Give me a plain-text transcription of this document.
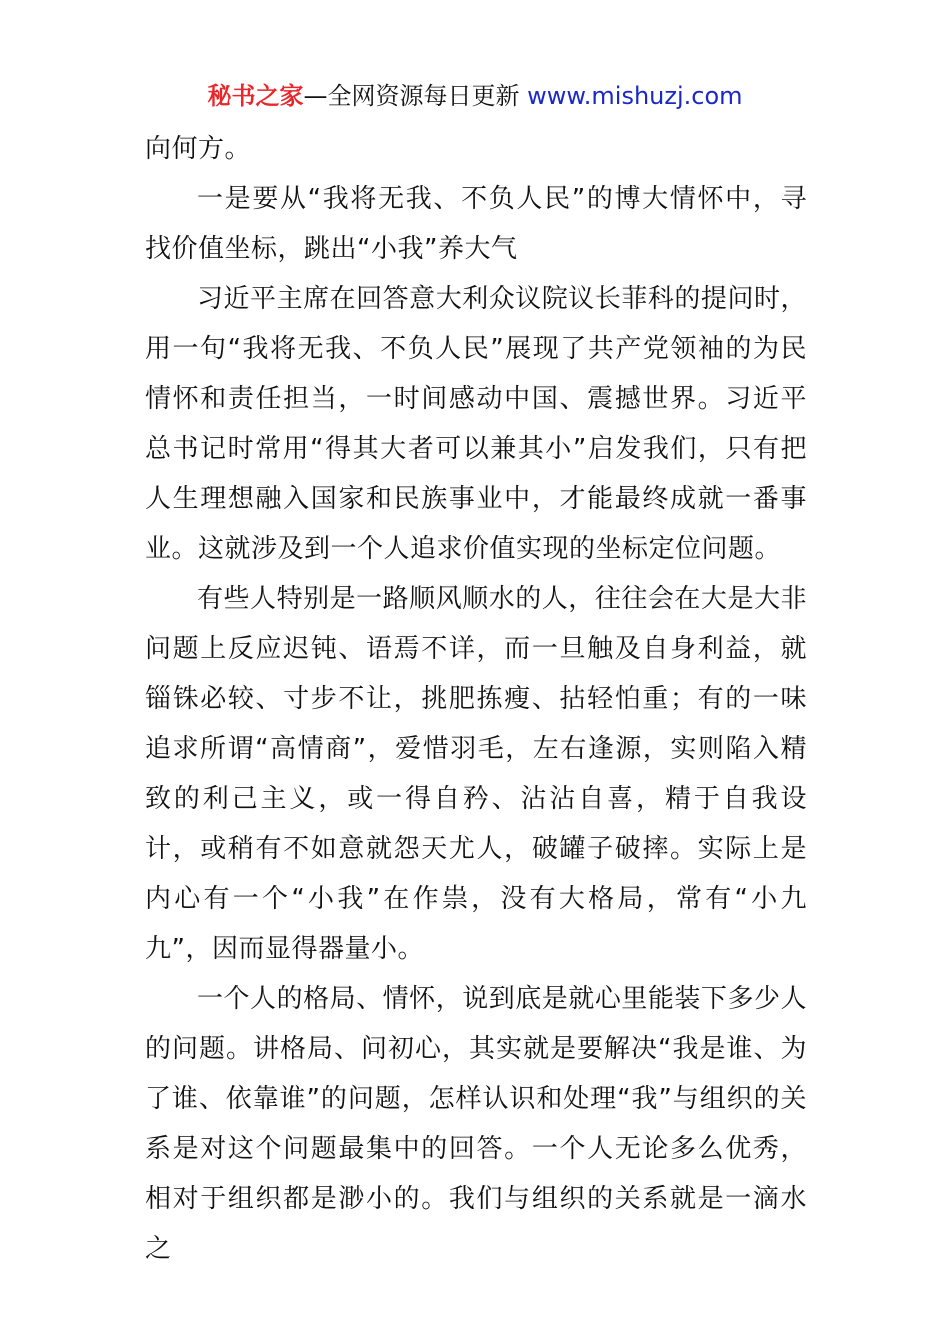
秘书之家—全网资源每日更新 www.mishuzj.com

向何方。

一是要从“我将无我、不负人民”的博大情怀中，寻找价值坐标，跳出“小我”养大气

习近平主席在回答意大利众议院议长菲科的提问时，用一句“我将无我、不负人民”展现了共产党领袖的为民情怀和责任担当，一时间感动中国、震撼世界。习近平总书记时常用“得其大者可以兼其小”启发我们，只有把人生理想融入国家和民族事业中，才能最终成就一番事业。这就涉及到一个人追求价值实现的坐标定位问题。

有些人特别是一路顺风顺水的人，往往会在大是大非问题上反应迟钝、语焉不详，而一旦触及自身利益，就锱铢必较、寸步不让，挑肥拣瘦、拈轻怕重；有的一味追求所谓“高情商”，爱惜羽毛，左右逢源，实则陷入精致的利己主义，或一得自矜、沾沾自喜，精于自我设计，或稍有不如意就怨天尤人，破罐子破摔。实际上是内心有一个“小我”在作祟，没有大格局，常有“小九九”，因而显得器量小。

一个人的格局、情怀，说到底是就心里能装下多少人的问题。讲格局、问初心，其实就是要解决“我是谁、为了谁、依靠谁”的问题，怎样认识和处理“我”与组织的关系是对这个问题最集中的回答。一个人无论多么优秀，相对于组织都是渺小的。我们与组织的关系就是一滴水之
